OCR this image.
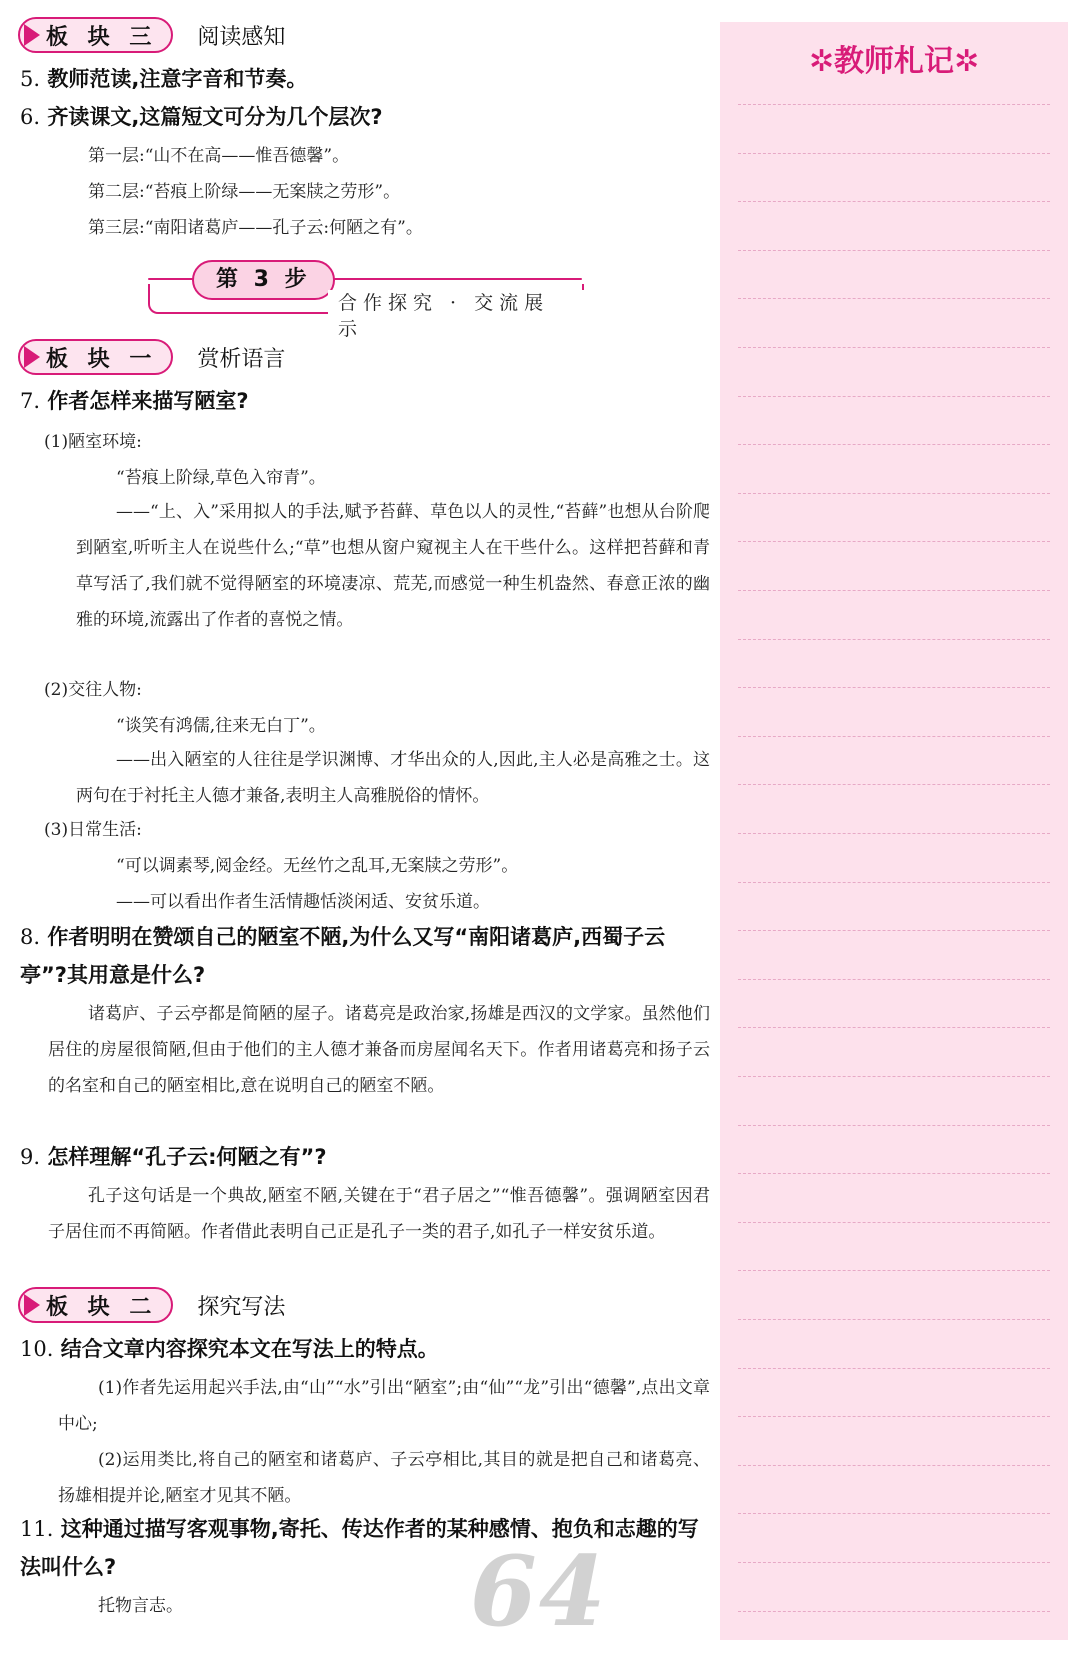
板 块 三 阅读感知
5. 教师范读,注意字音和节奏。
6. 齐读课文,这篇短文可分为几个层次?
第一层:“山不在高——惟吾德馨”。
第二层:“苔痕上阶绿——无案牍之劳形”。
第三层:“南阳诸葛庐——孔子云:何陋之有”。
第 3 步
合作探究 · 交流展示
板 块 一 赏析语言
7. 作者怎样来描写陋室?
(1)陋室环境:
“苔痕上阶绿,草色入帘青”。
——“上、入”采用拟人的手法,赋予苔藓、草色以人的灵性,“苔藓”也想从台阶爬到陋室,听听主人在说些什么;“草”也想从窗户窥视主人在干些什么。这样把苔藓和青草写活了,我们就不觉得陋室的环境凄凉、荒芜,而感觉一种生机盎然、春意正浓的幽雅的环境,流露出了作者的喜悦之情。
(2)交往人物:
“谈笑有鸿儒,往来无白丁”。
——出入陋室的人往往是学识渊博、才华出众的人,因此,主人必是高雅之士。这两句在于衬托主人德才兼备,表明主人高雅脱俗的情怀。
(3)日常生活:
“可以调素琴,阅金经。无丝竹之乱耳,无案牍之劳形”。
——可以看出作者生活情趣恬淡闲适、安贫乐道。
8. 作者明明在赞颂自己的陋室不陋,为什么又写“南阳诸葛庐,西蜀子云亭”?其用意是什么?
诸葛庐、子云亭都是简陋的屋子。诸葛亮是政治家,扬雄是西汉的文学家。虽然他们居住的房屋很简陋,但由于他们的主人德才兼备而房屋闻名天下。作者用诸葛亮和扬子云的名室和自己的陋室相比,意在说明自己的陋室不陋。
9. 怎样理解“孔子云:何陋之有”?
孔子这句话是一个典故,陋室不陋,关键在于“君子居之”“惟吾德馨”。强调陋室因君子居住而不再简陋。作者借此表明自己正是孔子一类的君子,如孔子一样安贫乐道。
板 块 二 探究写法
10. 结合文章内容探究本文在写法上的特点。
(1)作者先运用起兴手法,由“山”“水”引出“陋室”;由“仙”“龙”引出“德馨”,点出文章中心;
(2)运用类比,将自己的陋室和诸葛庐、子云亭相比,其目的就是把自己和诸葛亮、扬雄相提并论,陋室才见其不陋。
11. 这种通过描写客观事物,寄托、传达作者的某种感情、抱负和志趣的写法叫什么?
托物言志。	64
✲教师札记✲
